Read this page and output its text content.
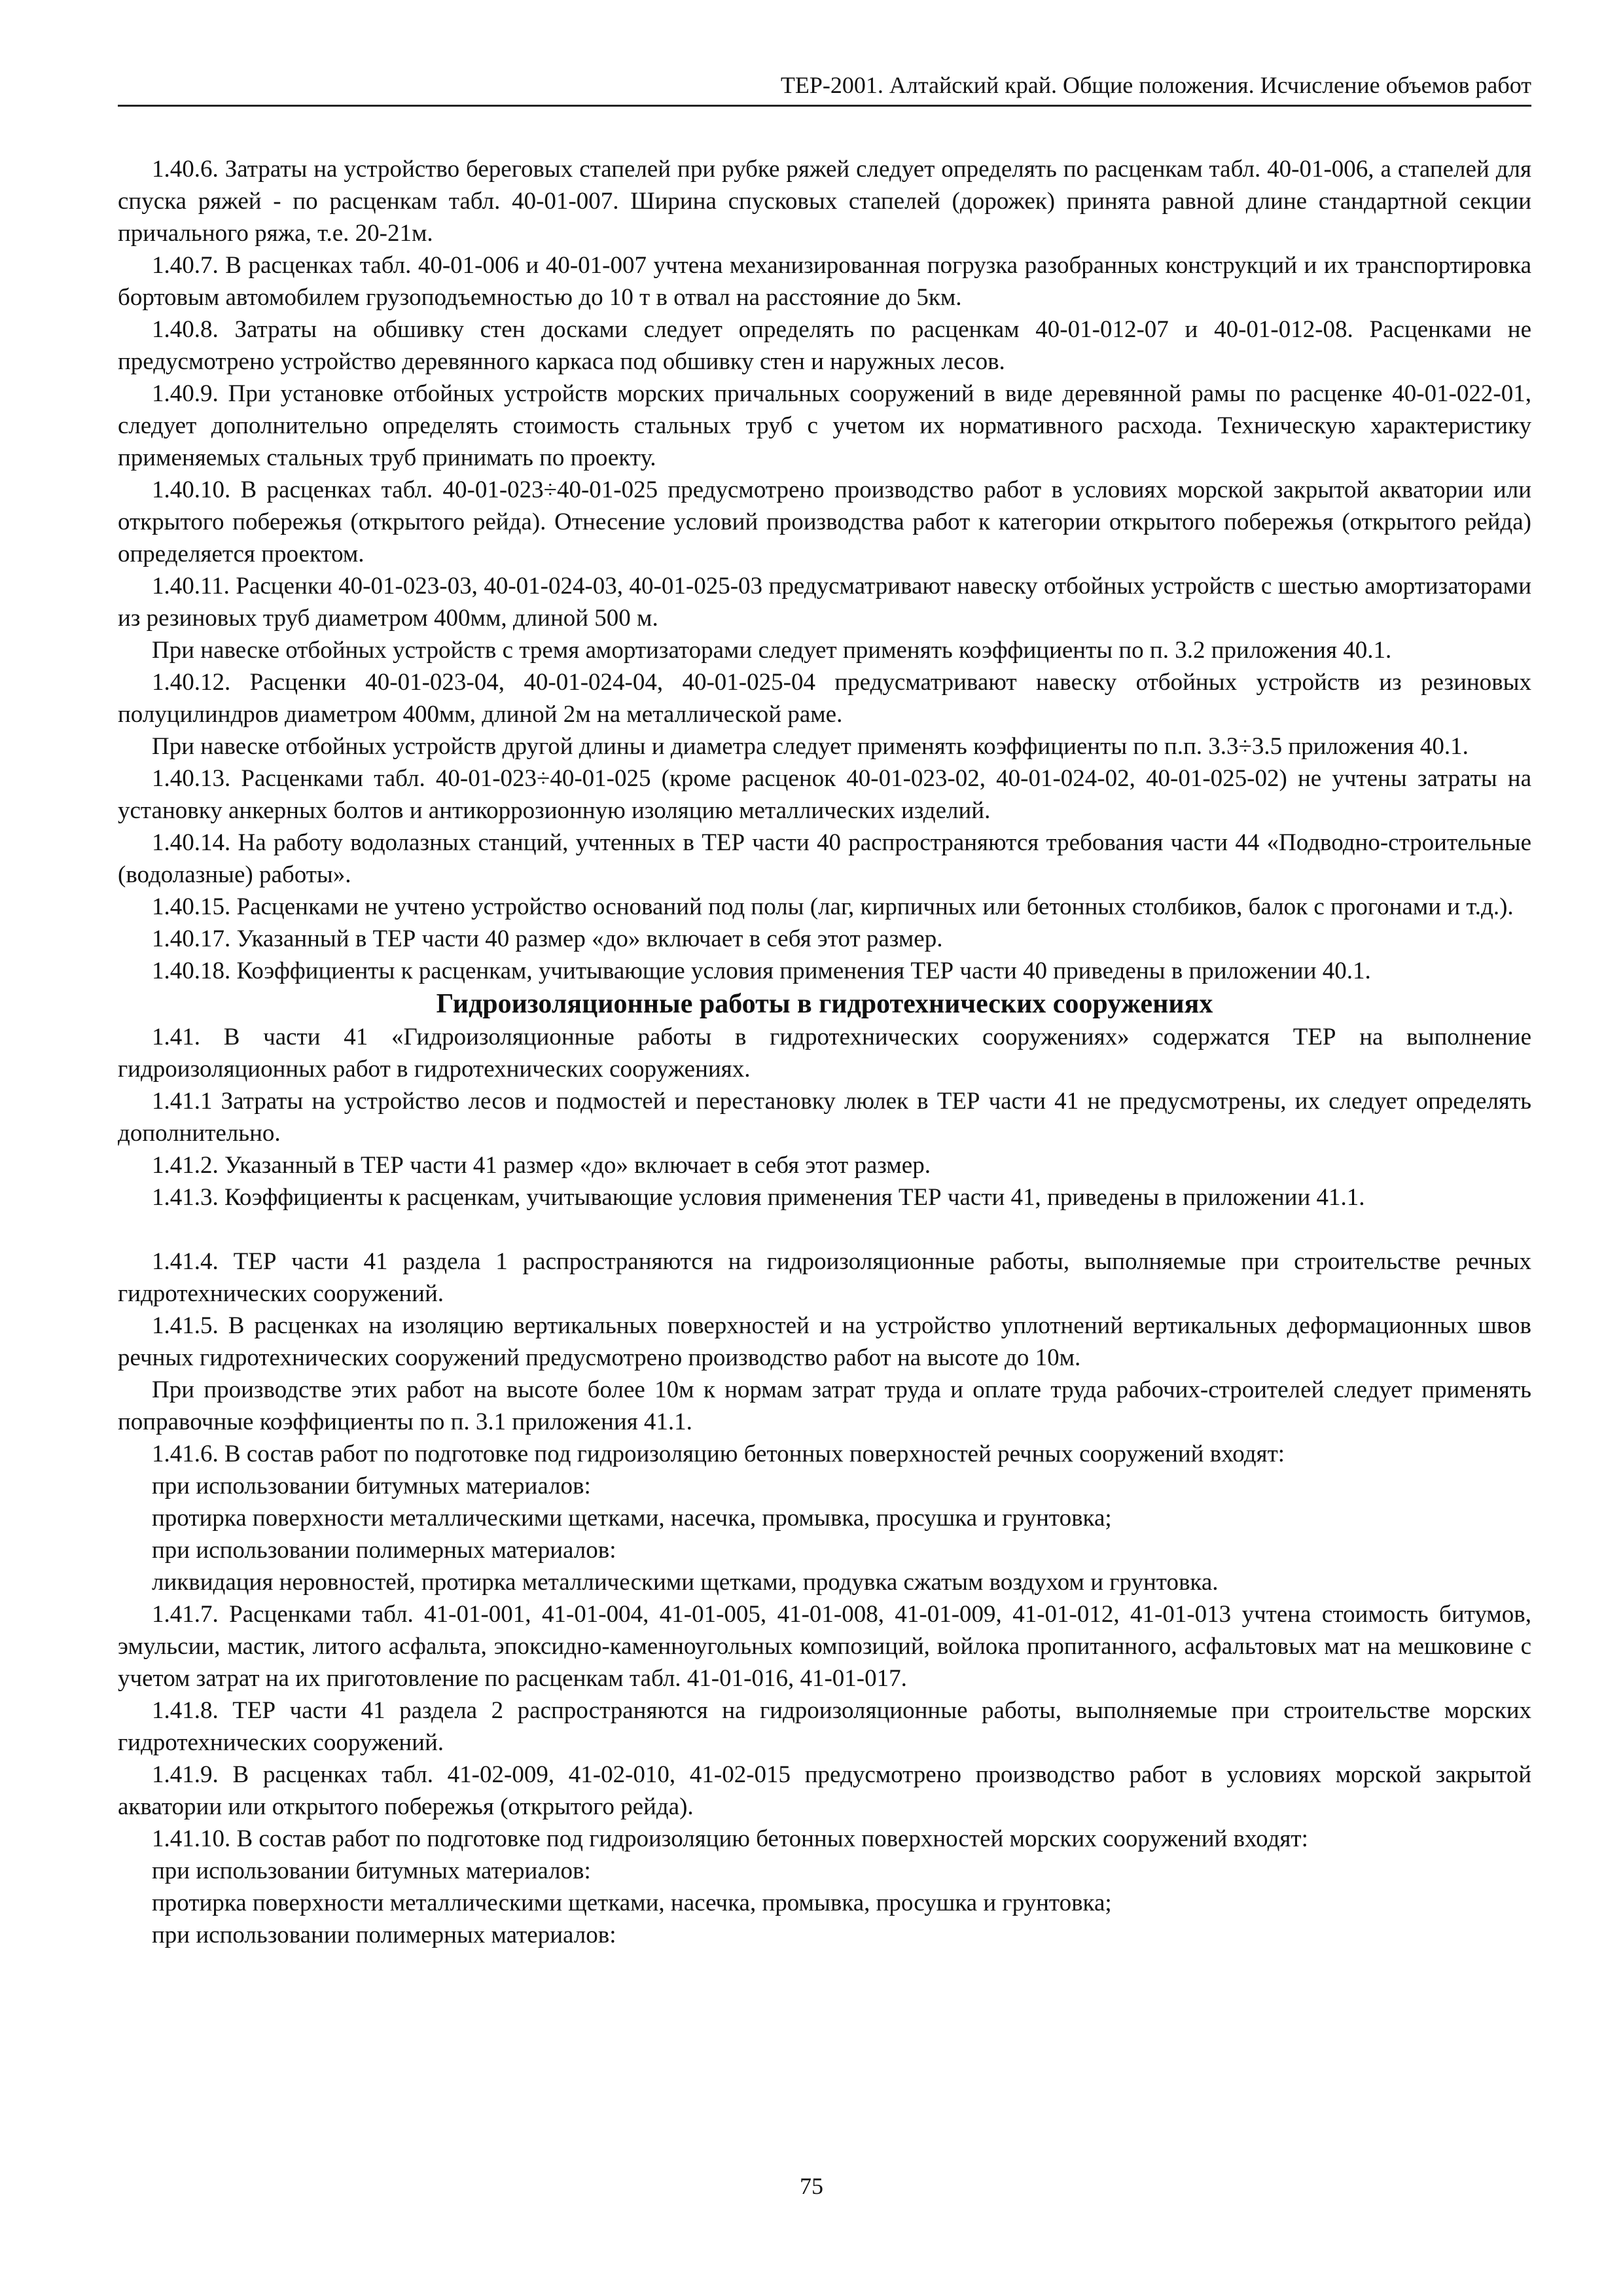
ТЕР-2001. Алтайский край. Общие положения. Исчисление объемов работ

1.40.6. Затраты на устройство береговых стапелей при рубке ряжей следует определять по расценкам табл. 40-01-006, а стапелей для спуска ряжей - по расценкам табл. 40-01-007. Ширина спусковых стапелей (дорожек) принята равной длине стандартной секции причального ряжа, т.е. 20-21м.

1.40.7. В расценках табл. 40-01-006 и 40-01-007 учтена механизированная погрузка разобранных конструкций и их транспортировка бортовым автомобилем грузоподъемностью до 10 т в отвал на расстояние до 5км.

1.40.8. Затраты на обшивку стен досками следует определять по расценкам 40-01-012-07 и 40-01-012-08. Расценками не предусмотрено устройство деревянного каркаса под обшивку стен и наружных лесов.

1.40.9. При установке отбойных устройств морских причальных сооружений в виде деревянной рамы по расценке 40-01-022-01, следует дополнительно определять стоимость стальных труб с учетом их нормативного расхода. Техническую характеристику применяемых стальных труб принимать по проекту.

1.40.10. В расценках табл. 40-01-023÷40-01-025 предусмотрено производство работ в условиях морской закрытой акватории или открытого побережья (открытого рейда). Отнесение условий производства работ к категории открытого побережья (открытого рейда) определяется проектом.

1.40.11. Расценки 40-01-023-03, 40-01-024-03, 40-01-025-03 предусматривают навеску отбойных устройств с шестью амортизаторами из резиновых труб диаметром 400мм, длиной 500 м.

При навеске отбойных устройств с тремя амортизаторами следует применять коэффициенты по п. 3.2 приложения 40.1.

1.40.12. Расценки 40-01-023-04, 40-01-024-04, 40-01-025-04 предусматривают навеску отбойных устройств из резиновых полуцилиндров диаметром 400мм, длиной 2м на металлической раме.

При навеске отбойных устройств другой длины и диаметра следует применять коэффициенты по п.п. 3.3÷3.5 приложения 40.1.

1.40.13. Расценками табл. 40-01-023÷40-01-025 (кроме расценок 40-01-023-02, 40-01-024-02, 40-01-025-02) не учтены затраты на установку анкерных болтов и антикоррозионную изоляцию металлических изделий.

1.40.14. На работу водолазных станций, учтенных в ТЕР части 40 распространяются требования части 44 «Подводно-строительные (водолазные) работы».

1.40.15. Расценками не учтено устройство оснований под полы (лаг, кирпичных или бетонных столбиков, балок с прогонами и т.д.).

1.40.17. Указанный в ТЕР части 40 размер «до» включает в себя этот размер.

1.40.18. Коэффициенты к расценкам, учитывающие условия применения ТЕР части 40 приведены в приложении 40.1.

Гидроизоляционные работы в гидротехнических сооружениях

1.41. В части 41 «Гидроизоляционные работы в гидротехнических сооружениях» содержатся ТЕР на выполнение гидроизоляционных работ в гидротехнических сооружениях.

1.41.1 Затраты на устройство лесов и подмостей и перестановку люлек в ТЕР части 41 не предусмотрены, их следует определять дополнительно.

1.41.2. Указанный в ТЕР части 41 размер «до» включает в себя этот размер.

1.41.3. Коэффициенты к расценкам, учитывающие условия применения ТЕР части 41, приведены в приложении 41.1.

1.41.4. ТЕР части 41 раздела 1 распространяются на гидроизоляционные работы, выполняемые при строительстве речных гидротехнических сооружений.

1.41.5. В расценках на изоляцию вертикальных поверхностей и на устройство уплотнений вертикальных деформационных швов речных гидротехнических сооружений предусмотрено производство работ на высоте до 10м.

При производстве этих работ на высоте более 10м к нормам затрат труда и оплате труда рабочих-строителей следует применять поправочные коэффициенты по п. 3.1 приложения 41.1.

1.41.6. В состав работ по подготовке под гидроизоляцию бетонных поверхностей речных сооружений входят:

при использовании битумных материалов:

протирка поверхности металлическими щетками, насечка, промывка, просушка и грунтовка;

при использовании полимерных материалов:

ликвидация неровностей, протирка металлическими щетками, продувка сжатым воздухом и грунтовка.

1.41.7. Расценками табл. 41-01-001, 41-01-004, 41-01-005, 41-01-008, 41-01-009, 41-01-012, 41-01-013 учтена стоимость битумов, эмульсии, мастик, литого асфальта, эпоксидно-каменноугольных композиций, войлока пропитанного, асфальтовых мат на мешковине с учетом затрат на их приготовление по расценкам табл. 41-01-016, 41-01-017.

1.41.8. ТЕР части 41 раздела 2 распространяются на гидроизоляционные работы, выполняемые при строительстве морских гидротехнических сооружений.

1.41.9. В расценках табл. 41-02-009, 41-02-010, 41-02-015 предусмотрено производство работ в условиях морской закрытой акватории или открытого побережья (открытого рейда).

1.41.10. В состав работ по подготовке под гидроизоляцию бетонных поверхностей морских сооружений входят:

при использовании битумных материалов:

протирка поверхности металлическими щетками, насечка, промывка, просушка и грунтовка;

при использовании полимерных материалов:

75
